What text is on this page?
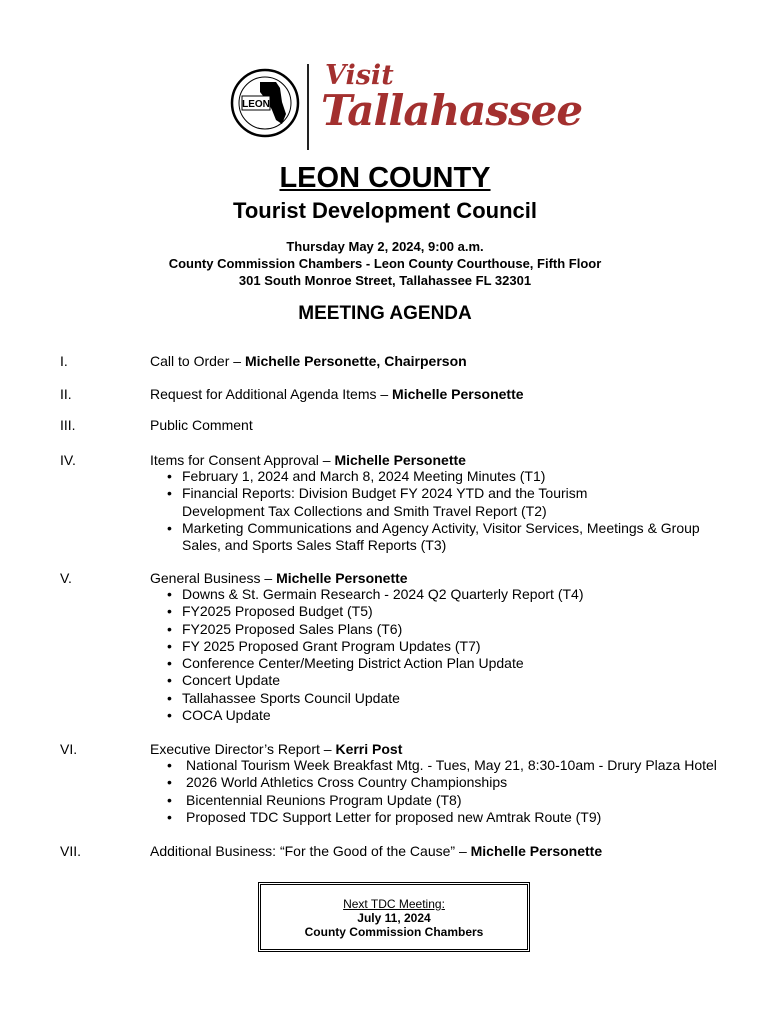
LEON
Visit
Tallahassee
LEON COUNTY
Tourist Development Council
Thursday May 2, 2024, 9:00 a.m.
County Commission Chambers - Leon County Courthouse, Fifth Floor
301 South Monroe Street, Tallahassee FL 32301
MEETING AGENDA
I.	Call to Order – Michelle Personette, Chairperson
II.	Request for Additional Agenda Items – Michelle Personette
III.	Public Comment
IV.	Items for Consent Approval – Michelle Personette
• February 1, 2024 and March 8, 2024 Meeting Minutes (T1)
• Financial Reports: Division Budget FY 2024 YTD and the Tourism Development Tax Collections and Smith Travel Report (T2)
• Marketing Communications and Agency Activity, Visitor Services, Meetings & Group Sales, and Sports Sales Staff Reports (T3)
V.	General Business – Michelle Personette
• Downs & St. Germain Research - 2024 Q2 Quarterly Report (T4)
• FY2025 Proposed Budget (T5)
• FY2025 Proposed Sales Plans (T6)
• FY 2025 Proposed Grant Program Updates (T7)
• Conference Center/Meeting District Action Plan Update
• Concert Update
• Tallahassee Sports Council Update
• COCA Update
VI.	Executive Director’s Report – Kerri Post
• National Tourism Week Breakfast Mtg. - Tues, May 21, 8:30-10am - Drury Plaza Hotel
• 2026 World Athletics Cross Country Championships
• Bicentennial Reunions Program Update (T8)
• Proposed TDC Support Letter for proposed new Amtrak Route (T9)
VII.	Additional Business: “For the Good of the Cause” – Michelle Personette
Next TDC Meeting:
July 11, 2024
County Commission Chambers
